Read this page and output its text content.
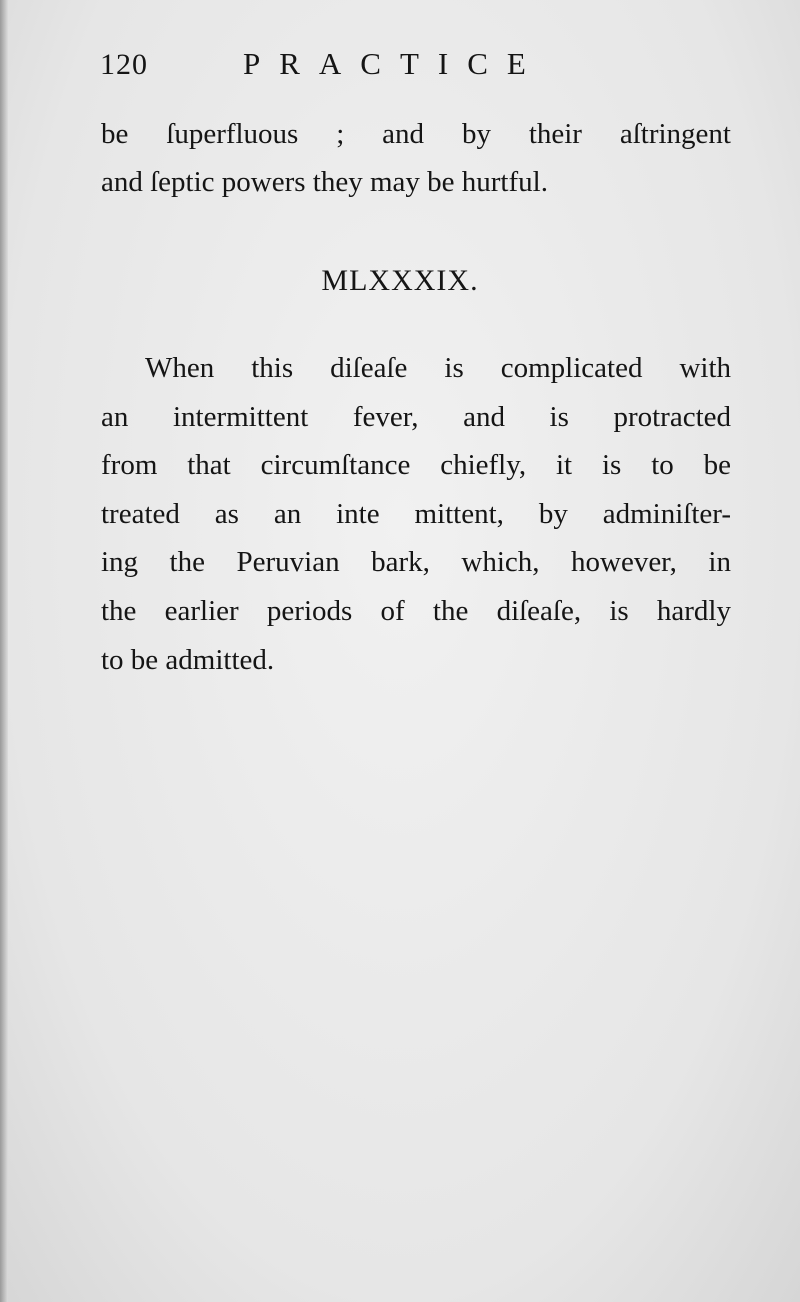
120	PRACTICE
be ſuperfluous ; and by their aſtringent
and ſeptic powers they may be hurtful.
MLXXXIX.
When this diſeaſe is complicated with
an intermittent fever, and is protracted
from that circumſtance chiefly, it is to be
treated as an inte mittent, by adminiſter-
ing the Peruvian bark, which, however, in
the earlier periods of the diſeaſe, is hardly
to be admitted.
